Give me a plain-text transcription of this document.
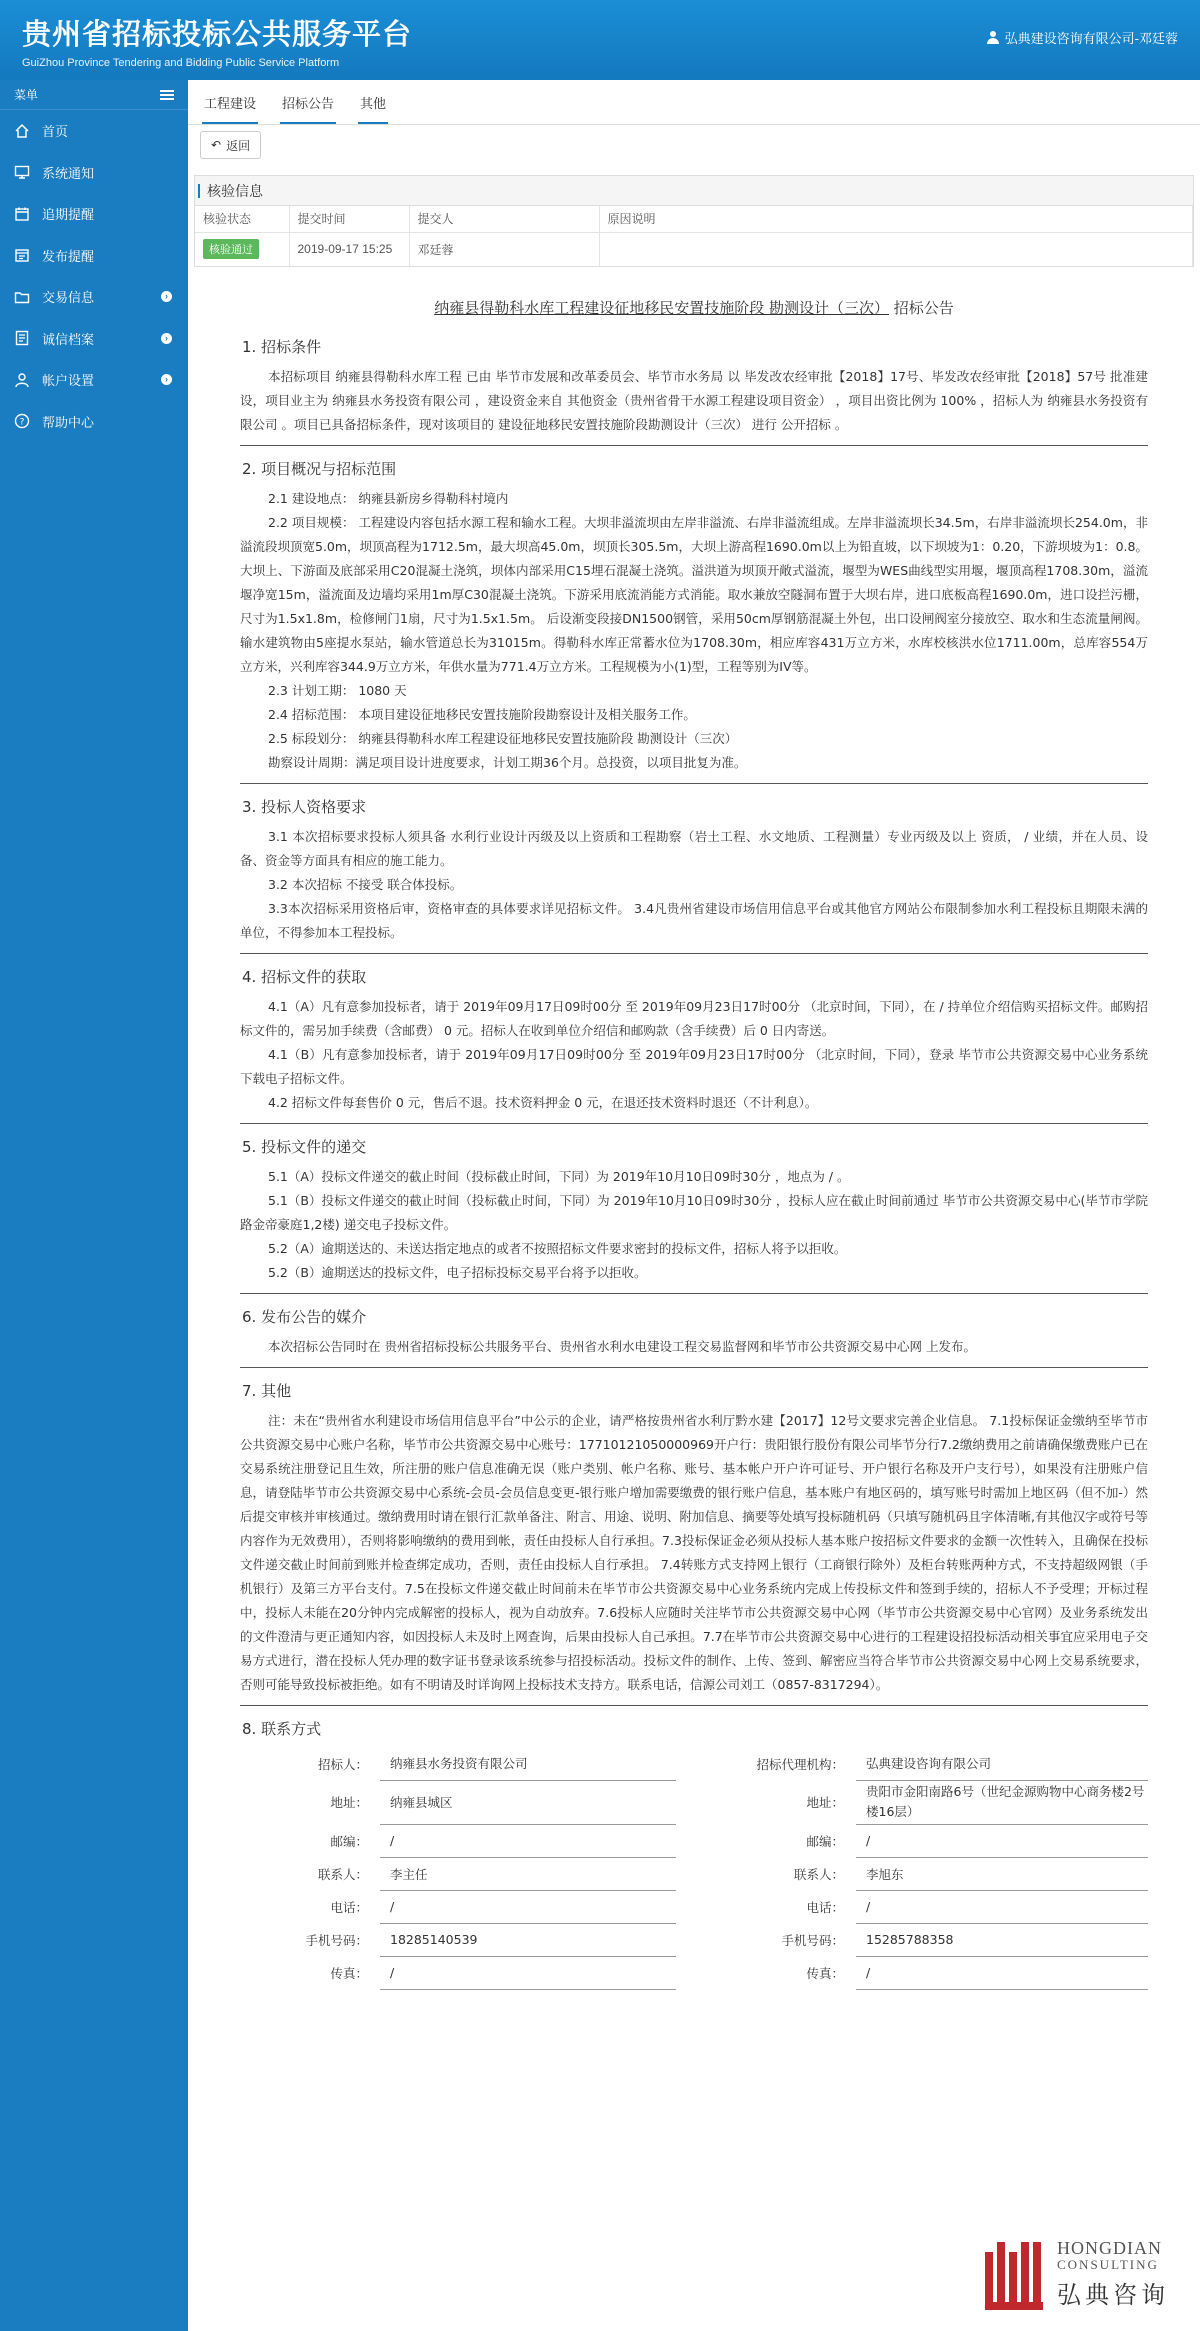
贵州省招标投标公共服务平台
GuiZhou Province Tendering and Bidding Public Service Platform
弘典建设咨询有限公司-邓廷蓉
菜单
首页
系统通知
追期提醒
发布提醒
交易信息	›
诚信档案	›
帐户设置	›
? 帮助中心
工程建设 招标公告 其他
↶ 返回
核验信息
核验状态	提交时间	提交人	原因说明
核验通过	2019-09-17 15:25	邓廷蓉	
纳雍县得勒科水库工程建设征地移民安置技施阶段 勘测设计（三次） 招标公告
1. 招标条件
本招标项目 纳雍县得勒科水库工程 已由 毕节市发展和改革委员会、毕节市水务局 以 毕发改农经审批【2018】17号、毕发改农经审批【2018】57号 批准建设，项目业主为 纳雍县水务投资有限公司 ，建设资金来自 其他资金（贵州省骨干水源工程建设项目资金） ，项目出资比例为 100% ，招标人为 纳雍县水务投资有限公司 。项目已具备招标条件，现对该项目的 建设征地移民安置技施阶段勘测设计（三次） 进行 公开招标 。
2. 项目概况与招标范围
2.1 建设地点： 纳雍县新房乡得勒科村境内
2.2 项目规模： 工程建设内容包括水源工程和输水工程。大坝非溢流坝由左岸非溢流、右岸非溢流组成。左岸非溢流坝长34.5m，右岸非溢流坝长254.0m，非溢流段坝顶宽5.0m，坝顶高程为1712.5m，最大坝高45.0m，坝顶长305.5m，大坝上游高程1690.0m以上为铅直坡，以下坝坡为1：0.20，下游坝坡为1：0.8。大坝上、下游面及底部采用C20混凝土浇筑，坝体内部采用C15埋石混凝土浇筑。溢洪道为坝顶开敞式溢流，堰型为WES曲线型实用堰，堰顶高程1708.30m，溢流堰净宽15m，溢流面及边墙均采用1m厚C30混凝土浇筑。下游采用底流消能方式消能。取水兼放空隧洞布置于大坝右岸，进口底板高程1690.0m，进口设拦污栅，尺寸为1.5x1.8m，检修闸门1扇，尺寸为1.5x1.5m。 后设渐变段接DN1500钢管，采用50cm厚钢筋混凝土外包，出口设闸阀室分接放空、取水和生态流量闸阀。输水建筑物由5座提水泵站，输水管道总长为31015m。得勒科水库正常蓄水位为1708.30m，相应库容431万立方米，水库校核洪水位1711.00m，总库容554万立方米，兴利库容344.9万立方米，年供水量为771.4万立方米。工程规模为小(1)型，工程等别为IV等。
2.3 计划工期： 1080 天
2.4 招标范围： 本项目建设征地移民安置技施阶段勘察设计及相关服务工作。
2.5 标段划分： 纳雍县得勒科水库工程建设征地移民安置技施阶段 勘测设计（三次）
勘察设计周期：满足项目设计进度要求，计划工期36个月。总投资，以项目批复为准。
3. 投标人资格要求
3.1 本次招标要求投标人须具备 水利行业设计丙级及以上资质和工程勘察（岩土工程、水文地质、工程测量）专业丙级及以上 资质， / 业绩，并在人员、设备、资金等方面具有相应的施工能力。
3.2 本次招标 不接受 联合体投标。
3.3本次招标采用资格后审，资格审查的具体要求详见招标文件。 3.4凡贵州省建设市场信用信息平台或其他官方网站公布限制参加水利工程投标且期限未满的单位，不得参加本工程投标。
4. 招标文件的获取
4.1（A）凡有意参加投标者，请于 2019年09月17日09时00分 至 2019年09月23日17时00分 （北京时间，下同），在 / 持单位介绍信购买招标文件。邮购招标文件的，需另加手续费（含邮费） 0 元。招标人在收到单位介绍信和邮购款（含手续费）后 0 日内寄送。
4.1（B）凡有意参加投标者，请于 2019年09月17日09时00分 至 2019年09月23日17时00分 （北京时间，下同），登录 毕节市公共资源交易中心业务系统 下载电子招标文件。
4.2 招标文件每套售价 0 元，售后不退。技术资料押金 0 元，在退还技术资料时退还（不计利息）。
5. 投标文件的递交
5.1（A）投标文件递交的截止时间（投标截止时间，下同）为 2019年10月10日09时30分 ，地点为 / 。
5.1（B）投标文件递交的截止时间（投标截止时间，下同）为 2019年10月10日09时30分 ，投标人应在截止时间前通过 毕节市公共资源交易中心(毕节市学院路金帝豪庭1,2楼) 递交电子投标文件。
5.2（A）逾期送达的、未送达指定地点的或者不按照招标文件要求密封的投标文件，招标人将予以拒收。
5.2（B）逾期送达的投标文件，电子招标投标交易平台将予以拒收。
6. 发布公告的媒介
本次招标公告同时在 贵州省招标投标公共服务平台、贵州省水利水电建设工程交易监督网和毕节市公共资源交易中心网 上发布。
7. 其他
注：未在“贵州省水利建设市场信用信息平台”中公示的企业，请严格按贵州省水利厅黔水建【2017】12号文要求完善企业信息。 7.1投标保证金缴纳至毕节市公共资源交易中心账户名称，毕节市公共资源交易中心账号：17710121050000969开户行：贵阳银行股份有限公司毕节分行7.2缴纳费用之前请确保缴费账户已在交易系统注册登记且生效，所注册的账户信息准确无误（账户类别、帐户名称、账号、基本帐户开户许可证号、开户银行名称及开户支行号），如果没有注册账户信息，请登陆毕节市公共资源交易中心系统-会员-会员信息变更-银行账户增加需要缴费的银行账户信息，基本账户有地区码的，填写账号时需加上地区码（但不加-）然后提交审核并审核通过。缴纳费用时请在银行汇款单备注、附言、用途、说明、附加信息、摘要等处填写投标随机码（只填写随机码且字体清晰,有其他汉字或符号等内容作为无效费用），否则将影响缴纳的费用到帐，责任由投标人自行承担。7.3投标保证金必须从投标人基本账户按招标文件要求的金额一次性转入，且确保在投标文件递交截止时间前到账并检查绑定成功，否则，责任由投标人自行承担。 7.4转账方式支持网上银行（工商银行除外）及柜台转账两种方式，不支持超级网银（手机银行）及第三方平台支付。7.5在投标文件递交截止时间前未在毕节市公共资源交易中心业务系统内完成上传投标文件和签到手续的，招标人不予受理；开标过程中，投标人未能在20分钟内完成解密的投标人，视为自动放弃。7.6投标人应随时关注毕节市公共资源交易中心网（毕节市公共资源交易中心官网）及业务系统发出的文件澄清与更正通知内容，如因投标人未及时上网查询，后果由投标人自己承担。7.7在毕节市公共资源交易中心进行的工程建设招投标活动相关事宜应采用电子交易方式进行，潜在投标人凭办理的数字证书登录该系统参与招投标活动。投标文件的制作、上传、签到、解密应当符合毕节市公共资源交易中心网上交易系统要求，否则可能导致投标被拒绝。如有不明请及时详询网上投标技术支持方。联系电话，信源公司刘工（0857-8317294）。
8. 联系方式
招标人：	纳雍县水务投资有限公司	招标代理机构：	弘典建设咨询有限公司
地址：	纳雍县城区	地址：	贵阳市金阳南路6号（世纪金源购物中心商务楼2号楼16层）
邮编：	/	邮编：	/
联系人：	李主任	联系人：	李旭东
电话：	/	电话：	/
手机号码：	18285140539	手机号码：	15285788358
传真：	/	传真：	/
HONGDIAN
CONSULTING
弘典咨询
